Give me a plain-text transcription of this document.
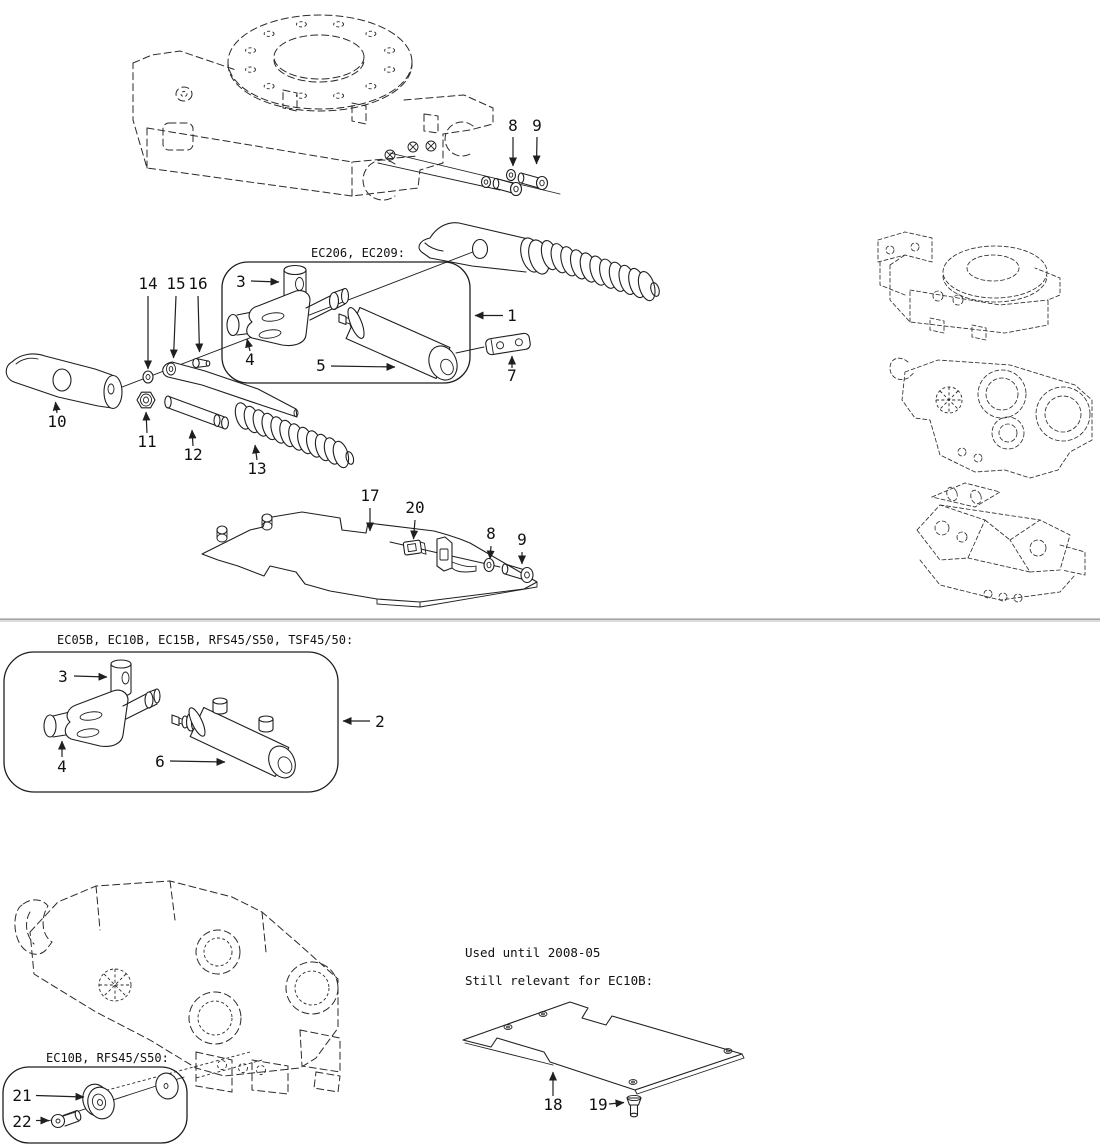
8 9
14 15 16
10
11
12
13
EC206, EC209:
3
4	5
1
7
17
20
8 9
EC05B, EC10B, EC15B, RFS45/S50, TSF45/50:
3
4	6
2
EC10B, RFS45/S50:
21
22
Used until 2008-05
Still relevant for EC10B:
18 19
